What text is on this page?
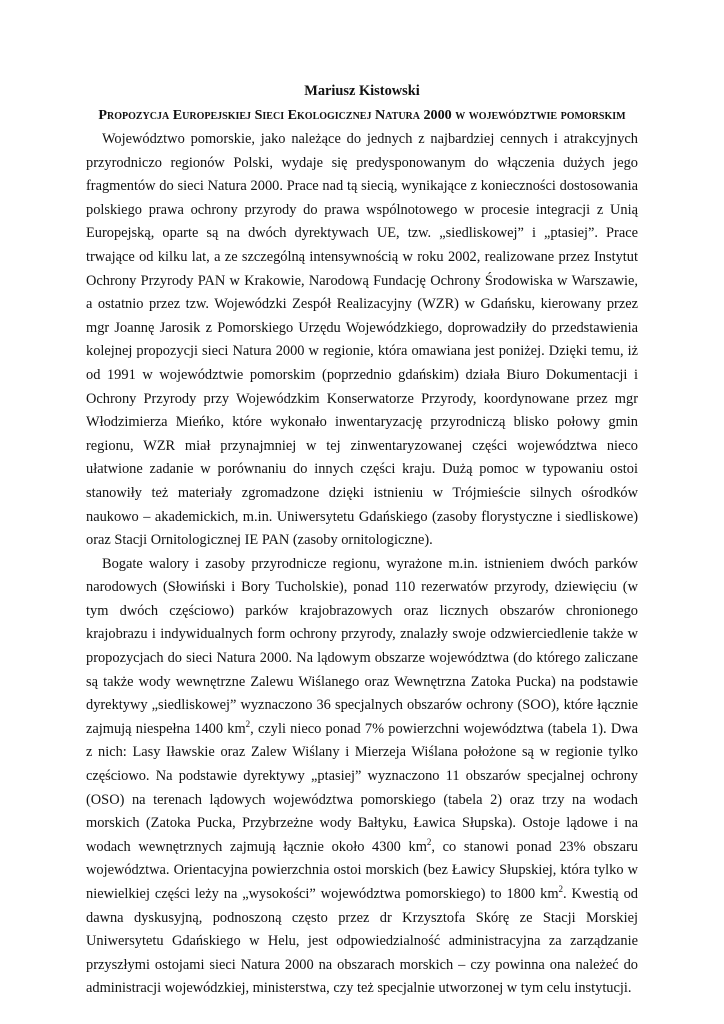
Mariusz Kistowski

Propozycja Europejskiej Sieci Ekologicznej Natura 2000 w województwie pomorskim

Województwo pomorskie, jako należące do jednych z najbardziej cennych i atrakcyjnych przyrodniczo regionów Polski, wydaje się predysponowanym do włączenia dużych jego fragmentów do sieci Natura 2000. Prace nad tą siecią, wynikające z konieczności dostosowania polskiego prawa ochrony przyrody do prawa wspólnotowego w procesie integracji z Unią Europejską, oparte są na dwóch dyrektywach UE, tzw. „siedliskowej” i „ptasiej”. Prace trwające od kilku lat, a ze szczególną intensywnością w roku 2002, realizowane przez Instytut Ochrony Przyrody PAN w Krakowie, Narodową Fundację Ochrony Środowiska w Warszawie, a ostatnio przez tzw. Wojewódzki Zespół Realizacyjny (WZR) w Gdańsku, kierowany przez mgr Joannę Jarosik z Pomorskiego Urzędu Wojewódzkiego, doprowadziły do przedstawienia kolejnej propozycji sieci Natura 2000 w regionie, która omawiana jest poniżej. Dzięki temu, iż od 1991 w województwie pomorskim (poprzednio gdańskim) działa Biuro Dokumentacji i Ochrony Przyrody przy Wojewódzkim Konserwatorze Przyrody, koordynowane przez mgr Włodzimierza Mieńko, które wykonało inwentaryzację przyrodniczą blisko połowy gmin regionu, WZR miał przynajmniej w tej zinwentaryzowanej części województwa nieco ułatwione zadanie w porównaniu do innych części kraju. Dużą pomoc w typowaniu ostoi stanowiły też materiały zgromadzone dzięki istnieniu w Trójmieście silnych ośrodków naukowo – akademickich, m.in. Uniwersytetu Gdańskiego (zasoby florystyczne i siedliskowe) oraz Stacji Ornitologicznej IE PAN (zasoby ornitologiczne).

Bogate walory i zasoby przyrodnicze regionu, wyrażone m.in. istnieniem dwóch parków narodowych (Słowiński i Bory Tucholskie), ponad 110 rezerwatów przyrody, dziewięciu (w tym dwóch częściowo) parków krajobrazowych oraz licznych obszarów chronionego krajobrazu i indywidualnych form ochrony przyrody, znalazły swoje odzwierciedlenie także w propozycjach do sieci Natura 2000. Na lądowym obszarze województwa (do którego zaliczane są także wody wewnętrzne Zalewu Wiślanego oraz Wewnętrzna Zatoka Pucka) na podstawie dyrektywy „siedliskowej” wyznaczono 36 specjalnych obszarów ochrony (SOO), które łącznie zajmują niespełna 1400 $km^2$, czyli nieco ponad 7% powierzchni województwa (tabela 1). Dwa z nich: Lasy Iławskie oraz Zalew Wiślany i Mierzeja Wiślana położone są w regionie tylko częściowo. Na podstawie dyrektywy „ptasiej” wyznaczono 11 obszarów specjalnej ochrony (OSO) na terenach lądowych województwa pomorskiego (tabela 2) oraz trzy na wodach morskich (Zatoka Pucka, Przybrzeżne wody Bałtyku, Ławica Słupska). Ostoje lądowe i na wodach wewnętrznych zajmują łącznie około 4300 $km^2$, co stanowi ponad 23% obszaru województwa. Orientacyjna powierzchnia ostoi morskich (bez Ławicy Słupskiej, która tylko w niewielkiej części leży na „wysokości” województwa pomorskiego) to 1800 $km^2$. Kwestią od dawna dyskusyjną, podnoszoną często przez dr Krzysztofa Skórę ze Stacji Morskiej Uniwersytetu Gdańskiego w Helu, jest odpowiedzialność administracyjna za zarządzanie przyszłymi ostojami sieci Natura 2000 na obszarach morskich – czy powinna ona należeć do administracji wojewódzkiej, ministerstwa, czy też specjalnie utworzonej w tym celu instytucji.
